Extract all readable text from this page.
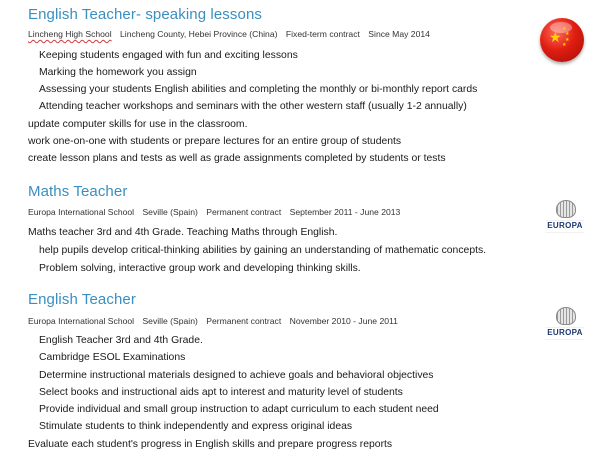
English Teacher- speaking lessons
Lincheng High School Lincheng County, Hebei Province (China) Fixed-term contract Since May 2014
Keeping students engaged with fun and exciting lessons
Marking the homework you assign
Assessing your students English abilities and completing the monthly or bi-monthly report cards
Attending teacher workshops and seminars with the other western staff (usually 1-2 annually)
update computer skills for use in the classroom.
work one-on-one with students or prepare lectures for an entire group of students
create lesson plans and tests as well as grade assignments completed by students or tests
★ ★
★
★
★
Maths Teacher
Europa International School Seville (Spain) Permanent contract September 2011 - June 2013
Maths teacher 3rd and 4th Grade. Teaching Maths through English.
help pupils develop critical-thinking abilities by gaining an understanding of mathematic concepts.
Problem solving, interactive group work and developing thinking skills.
·······································
EUROPA
·······································
English Teacher
Europa International School Seville (Spain) Permanent contract November 2010 - June 2011
English Teacher 3rd and 4th Grade.
Cambridge ESOL Examinations
Determine instructional materials designed to achieve goals and behavioral objectives
Select books and instructional aids apt to interest and maturity level of students
Provide individual and small group instruction to adapt curriculum to each student need
Stimulate students to think independently and express original ideas
Evaluate each student's progress in English skills and prepare progress reports
·······································
EUROPA
·······································
